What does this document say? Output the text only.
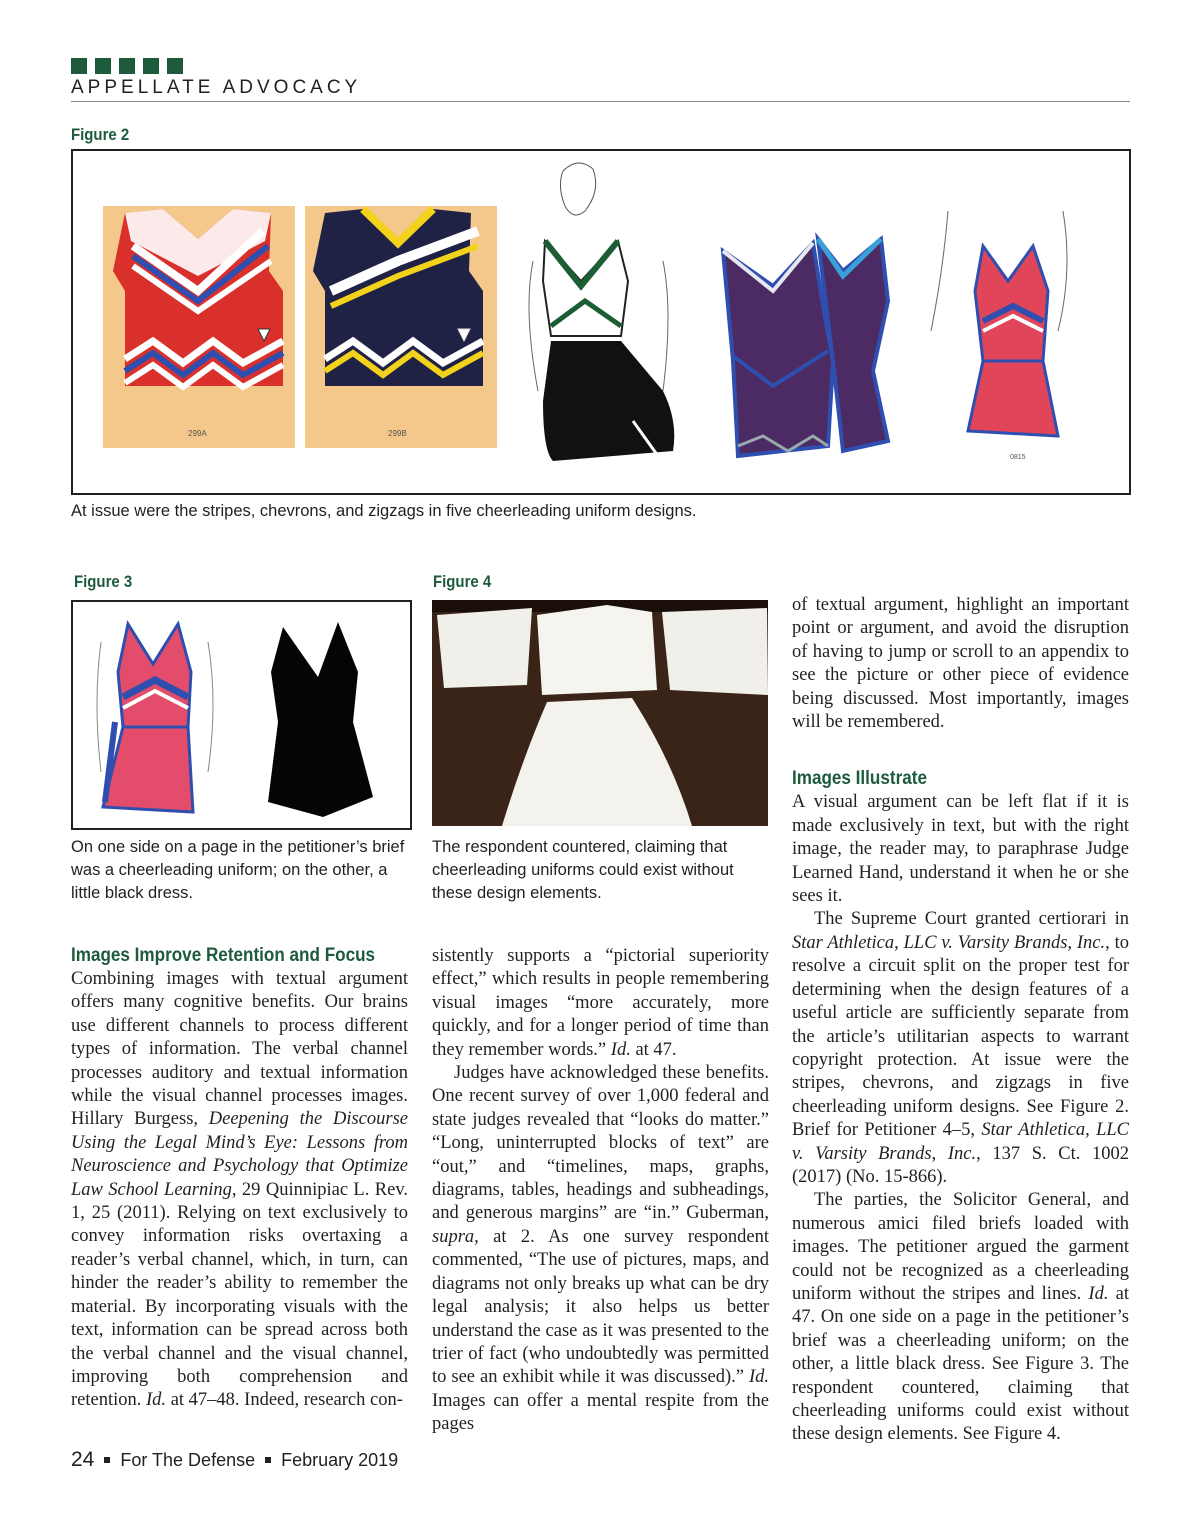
APPELLATE ADVOCACY
Figure 2
299A	299B
0815
At issue were the stripes, chevrons, and zigzags in five cheerleading uniform designs.
Figure 3
On one side on a page in the petitioner’s brief was a cheerleading uniform; on the other, a little black dress.
Figure 4
The respondent countered, claiming that cheerleading uniforms could exist without these design elements.
Images Improve Retention and Focus

Combining images with textual argument offers many cognitive benefits. Our brains use different channels to process different types of information. The verbal channel processes auditory and textual information while the visual channel processes images. Hillary Burgess, Deepening the Discourse Using the Legal Mind’s Eye: Lessons from Neuroscience and Psychology that Optimize Law School Learning, 29 Quinnipiac L. Rev. 1, 25 (2011). Relying on text exclusively to convey information risks overtaxing a reader’s verbal channel, which, in turn, can hinder the reader’s ability to remember the material. By incorporating visuals with the text, information can be spread across both the verbal channel and the visual channel, improving both comprehension and retention. Id. at 47–48. Indeed, research con-

sistently supports a “pictorial superiority effect,” which results in people remembering visual images “more accurately, more quickly, and for a longer period of time than they remember words.” Id. at 47.

Judges have acknowledged these benefits. One recent survey of over 1,000 federal and state judges revealed that “looks do matter.” “Long, uninterrupted blocks of text” are “out,” and “timelines, maps, graphs, diagrams, tables, headings and subheadings, and generous margins” are “in.” Guberman, supra, at 2. As one survey respondent commented, “The use of pictures, maps, and diagrams not only breaks up what can be dry legal analysis; it also helps us better understand the case as it was presented to the trier of fact (who undoubtedly was permitted to see an exhibit while it was discussed).” Id. Images can offer a mental respite from the pages

of textual argument, highlight an important point or argument, and avoid the disruption of having to jump or scroll to an appendix to see the picture or other piece of evidence being discussed. Most importantly, images will be remembered.

Images Illustrate

A visual argument can be left flat if it is made exclusively in text, but with the right image, the reader may, to paraphrase Judge Learned Hand, understand it when he or she sees it.

The Supreme Court granted certiorari in Star Athletica, LLC v. Varsity Brands, Inc., to resolve a circuit split on the proper test for determining when the design features of a useful article are sufficiently separate from the article’s utilitarian aspects to warrant copyright protection. At issue were the stripes, chevrons, and zigzags in five cheerleading uniform designs. See Figure 2. Brief for Petitioner 4–5, Star Athletica, LLC v. Varsity Brands, Inc., 137 S. Ct. 1002 (2017) (No. 15-866).

The parties, the Solicitor General, and numerous amici filed briefs loaded with images. The petitioner argued the garment could not be recognized as a cheerleading uniform without the stripes and lines. Id. at 47. On one side on a page in the petitioner’s brief was a cheerleading uniform; on the other, a little black dress. See Figure 3. The respondent countered, claiming that cheerleading uniforms could exist without these design elements. See Figure 4.

24 For The Defense February 2019
